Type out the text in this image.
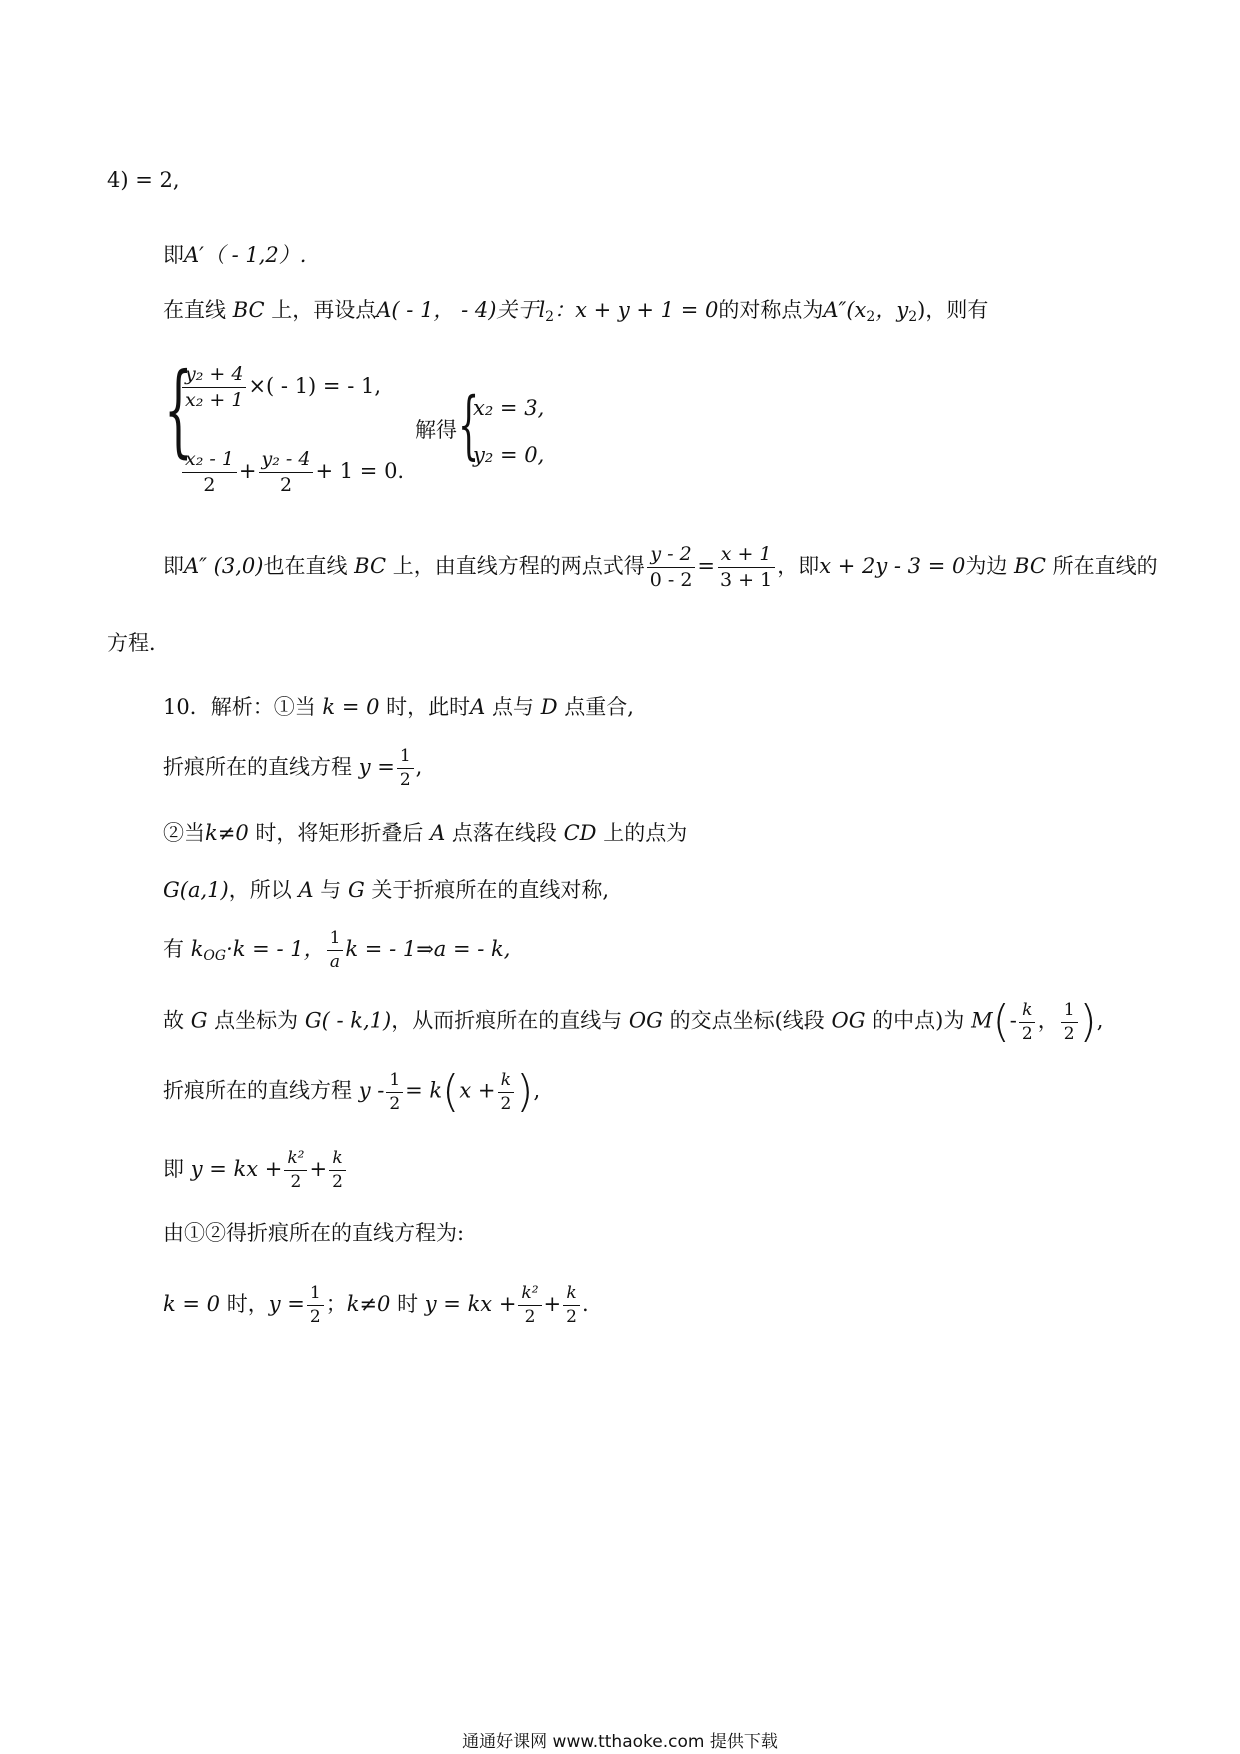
4) = 2,
即A′（ - 1,2）.
在直线 BC 上，再设点A( - 1， - 4)关于$l_2$：x + y + 1 = 0的对称点为$A''(x_2$，$y_2$)，则有
{
$\frac{\text{y₂ + 4}}{\text{x₂ + 1}}$ ×( - 1) = - 1,
$\frac{\text{x₂ - 1}}{2} + \frac{\text{y₂ - 4}}{2} + 1 = 0$.
解得 {
x₂ = 3,
y₂ = 0,
即A″ (3,0)也在直线 BC 上，由直线方程的两点式得 $\frac{y - 2}{0 - 2} = \frac{x + 1}{3 + 1}$ ，即x + 2y - 3 = 0为边 BC 所在直线的
方程．
10．解析：①当 k = 0 时，此时A 点与 D 点重合,
折痕所在的直线方程 $y = \frac{1}{2}$ ,
②当k≠0 时，将矩形折叠后 A 点落在线段 CD 上的点为
G(a,1)，所以 A 与 G 关于折痕所在的直线对称,
有 $k_{OG}\cdot k$ = - 1， $\frac{1}{a}$ k = - 1⇒a = - k,
故 G 点坐标为 G( - k,1)，从而折痕所在的直线与 OG 的交点坐标(线段 OG 的中点)为 $M(- \frac{k}{2}$ ， $\frac{1}{2}$ ),
折痕所在的直线方程 $y - \frac{1}{2} = k(x + \frac{k}{2}$ ),
即 y = kx + $\frac{\text{k²}}{2} + \frac{k}{2}$
由①②得折痕所在的直线方程为:
k = 0 时，$y = \frac{1}{2}$ ；k≠0 时 y = kx + $\frac{\text{k²}}{2} + \frac{k}{2}$ .
通通好课网 www.tthaoke.com 提供下载
